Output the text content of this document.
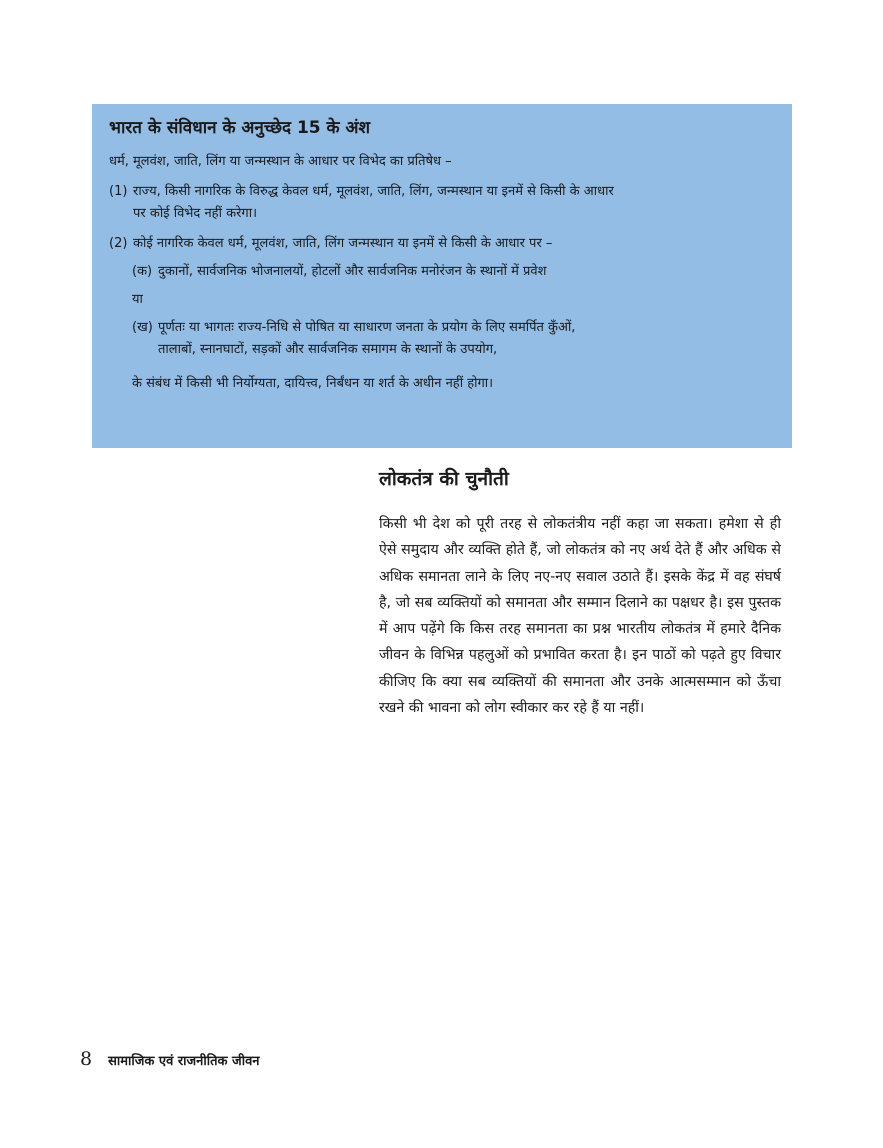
भारत के संविधान के अनुच्छेद 15 के अंश
धर्म, मूलवंश, जाति, लिंग या जन्मस्थान के आधार पर विभेद का प्रतिषेध –
(1) राज्य, किसी नागरिक के विरुद्ध केवल धर्म, मूलवंश, जाति, लिंग, जन्मस्थान या इनमें से किसी के आधार
पर कोई विभेद नहीं करेगा।
(2) कोई नागरिक केवल धर्म, मूलवंश, जाति, लिंग जन्मस्थान या इनमें से किसी के आधार पर –
(क) दुकानों, सार्वजनिक भोजनालयों, होटलों और सार्वजनिक मनोरंजन के स्थानों में प्रवेश
या
(ख) पूर्णतः या भागतः राज्य-निधि से पोषित या साधारण जनता के प्रयोग के लिए समर्पित कुँओं,
तालाबों, स्नानघाटों, सड़कों और सार्वजनिक समागम के स्थानों के उपयोग,
के संबंध में किसी भी निर्योग्यता, दायित्त्व, निर्बंधन या शर्त के अधीन नहीं होगा।
लोकतंत्र की चुनौती

किसी भी देश को पूरी तरह से लोकतंत्रीय नहीं कहा जा सकता। हमेशा से ही ऐसे समुदाय और व्यक्ति होते हैं, जो लोकतंत्र को नए अर्थ देते हैं और अधिक से अधिक समानता लाने के लिए नए-नए सवाल उठाते हैं। इसके केंद्र में वह संघर्ष है, जो सब व्यक्तियों को समानता और सम्मान दिलाने का पक्षधर है। इस पुस्तक में आप पढ़ेंगे कि किस तरह समानता का प्रश्न भारतीय लोकतंत्र में हमारे दैनिक जीवन के विभिन्न पहलुओं को प्रभावित करता है। इन पाठों को पढ़ते हुए विचार कीजिए कि क्या सब व्यक्तियों की समानता और उनके आत्मसम्मान को ऊँचा रखने की भावना को लोग स्वीकार कर रहे हैं या नहीं।

8 सामाजिक एवं राजनीतिक जीवन
